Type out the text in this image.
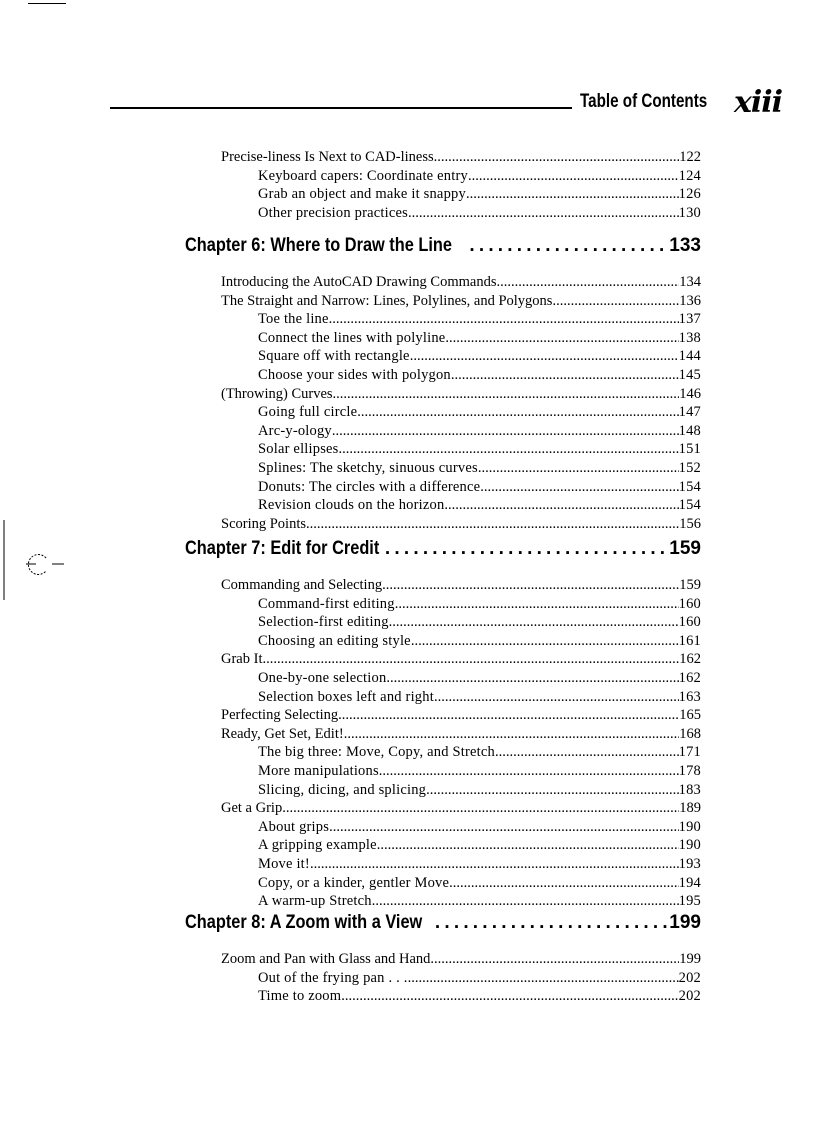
Table of Contents xiii
Precise-liness Is Next to CAD-liness .....	122
Keyboard capers: Coordinate entry .....	124
Grab an object and make it snappy .....	126
Other precision practices .....	130
Chapter 6: Where to Draw the Line .....	133
Introducing the AutoCAD Drawing Commands .....	134
The Straight and Narrow: Lines, Polylines, and Polygons .....	136
Toe the line .....	137
Connect the lines with polyline .....	138
Square off with rectangle .....	144
Choose your sides with polygon .....	145
(Throwing) Curves .....	146
Going full circle .....	147
Arc-y-ology .....	148
Solar ellipses .....	151
Splines: The sketchy, sinuous curves .....	152
Donuts: The circles with a difference .....	154
Revision clouds on the horizon .....	154
Scoring Points .....	156
Chapter 7: Edit for Credit .....	159
Commanding and Selecting .....	159
Command-first editing .....	160
Selection-first editing .....	160
Choosing an editing style .....	161
Grab It .....	162
One-by-one selection .....	162
Selection boxes left and right .....	163
Perfecting Selecting .....	165
Ready, Get Set, Edit! .....	168
The big three: Move, Copy, and Stretch .....	171
More manipulations .....	178
Slicing, dicing, and splicing .....	183
Get a Grip .....	189
About grips .....	190
A gripping example .....	190
Move it! .....	193
Copy, or a kinder, gentler Move .....	194
A warm-up Stretch .....	195
Chapter 8: A Zoom with a View .....	199
Zoom and Pan with Glass and Hand .....	199
Out of the frying pan . . . .....	202
Time to zoom .....	202
